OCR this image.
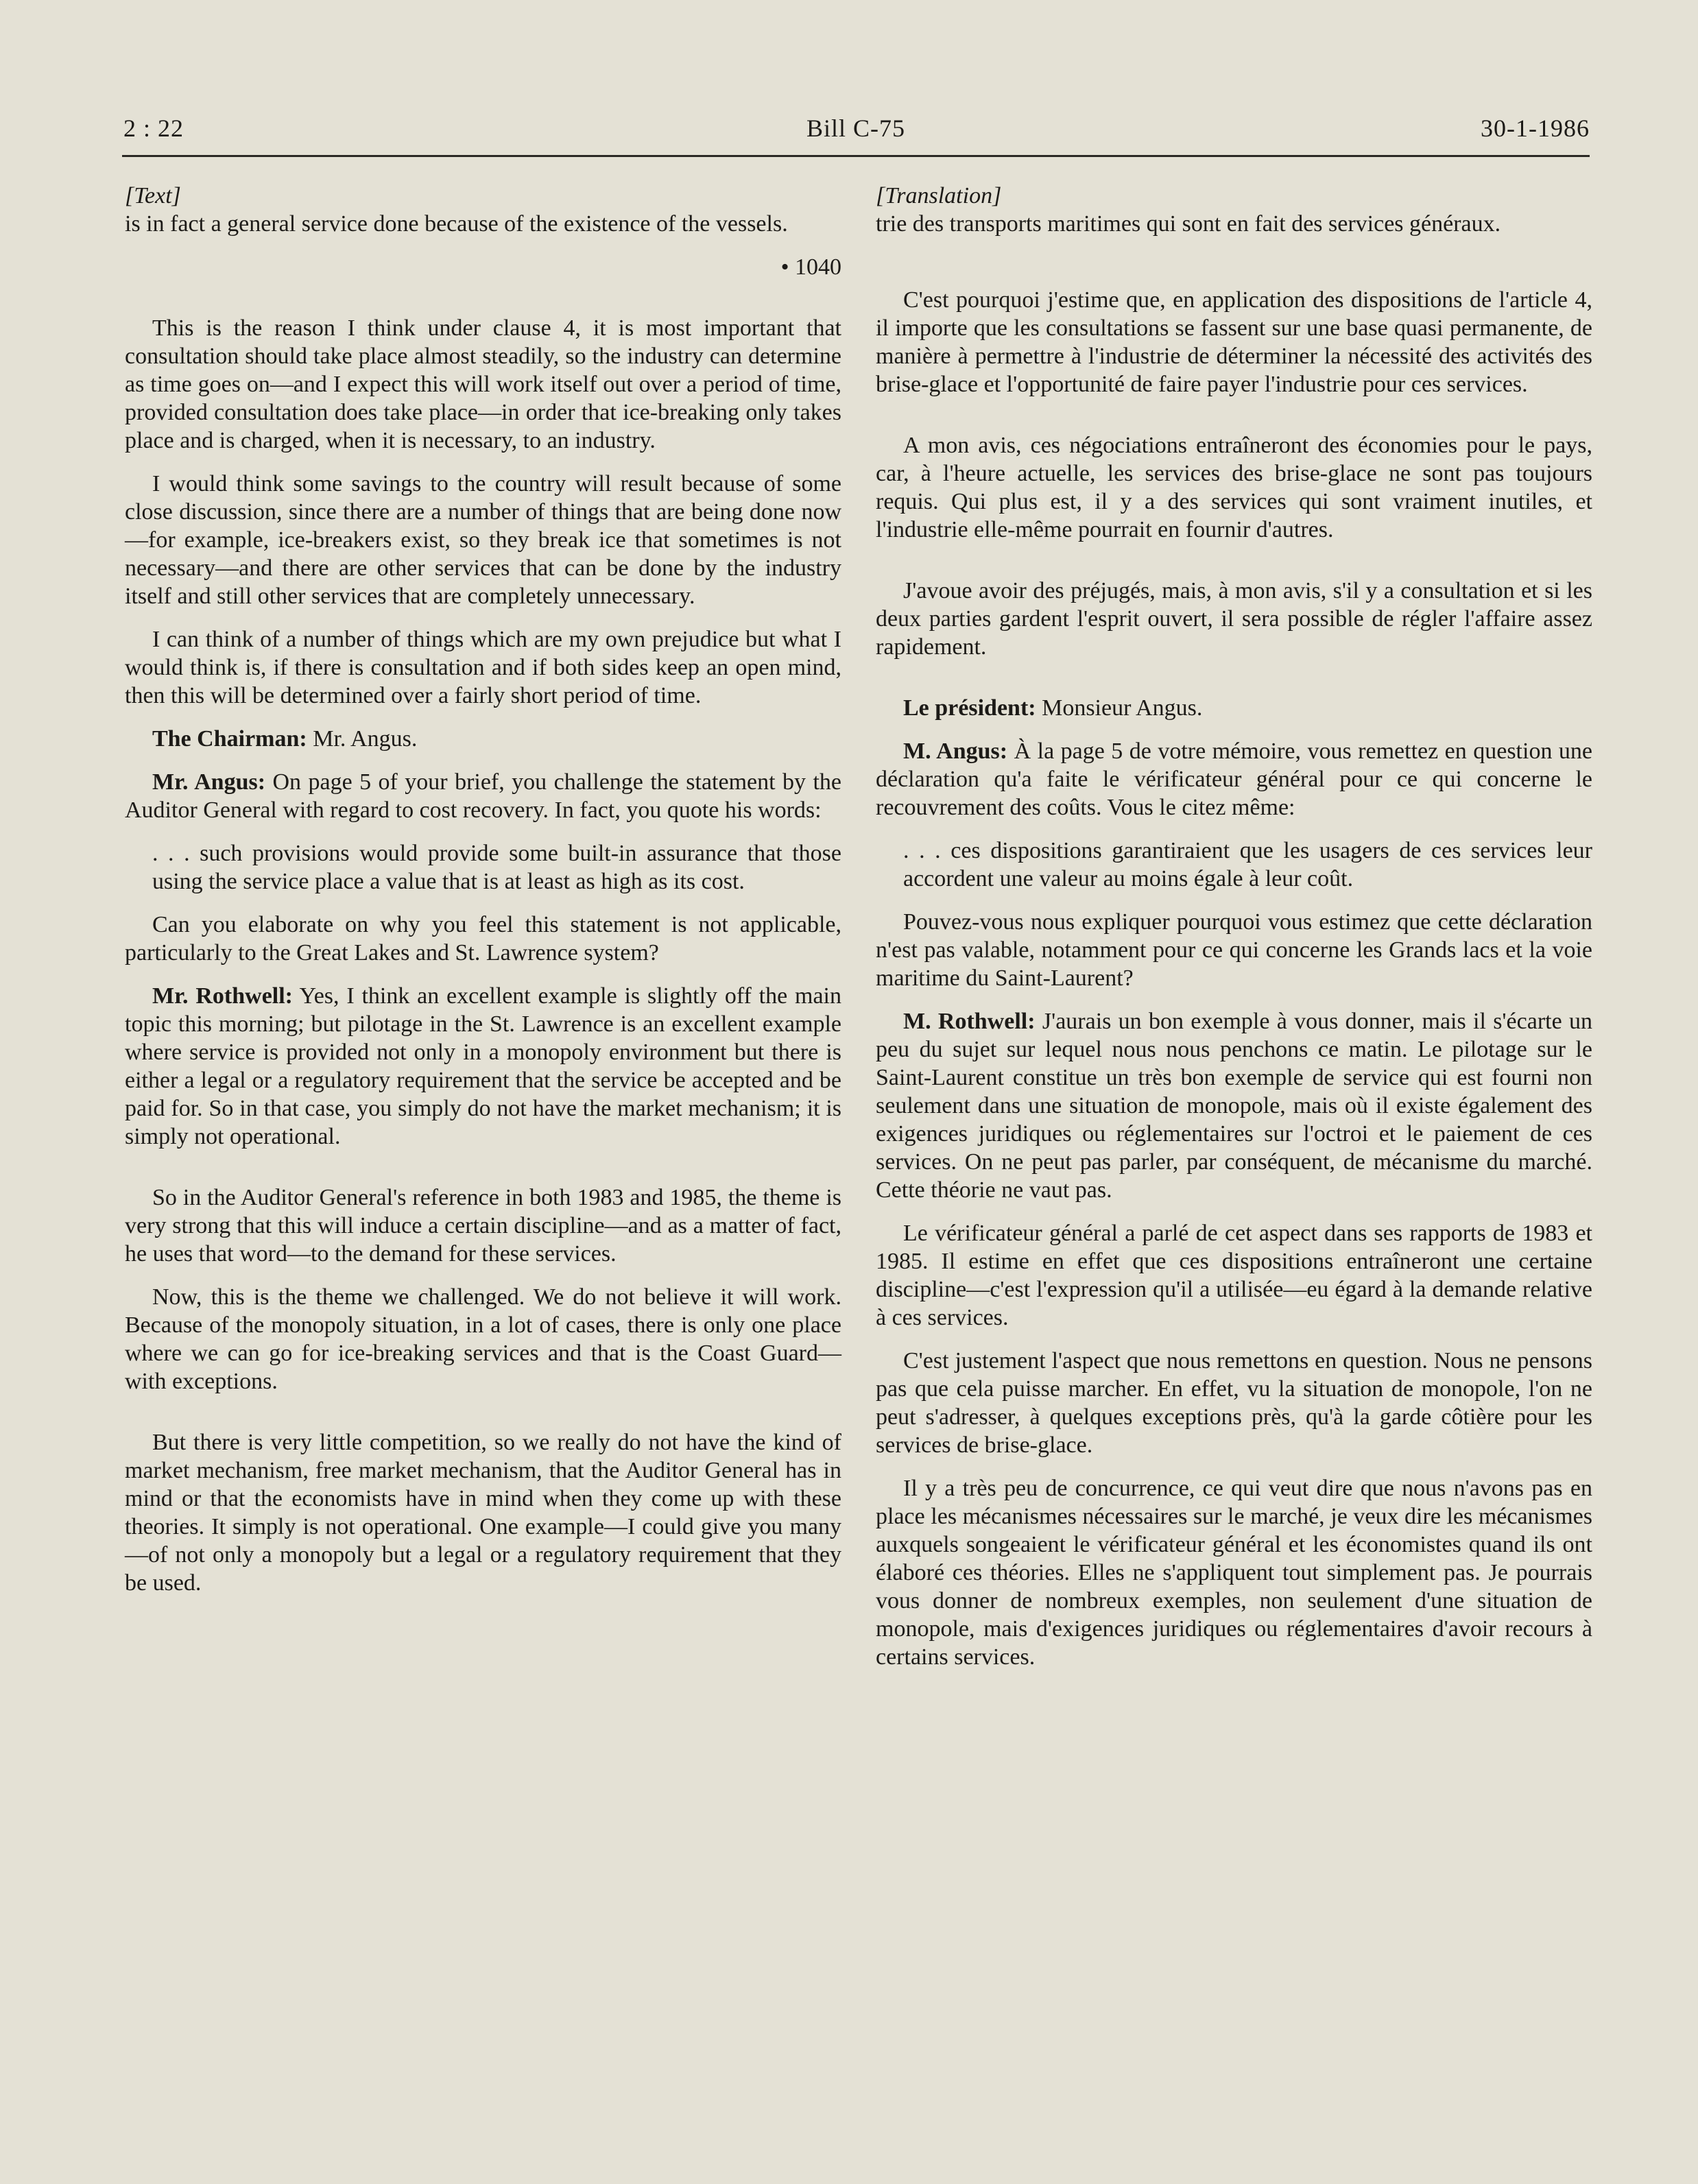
2 : 22	Bill C-75	30-1-1986

[Text]

is in fact a general service done because of the existence of the vessels.

• 1040

This is the reason I think under clause 4, it is most important that consultation should take place almost steadily, so the industry can determine as time goes on—and I expect this will work itself out over a period of time, provided consultation does take place—in order that ice-breaking only takes place and is charged, when it is necessary, to an industry.

I would think some savings to the country will result because of some close discussion, since there are a number of things that are being done now—for example, ice-breakers exist, so they break ice that sometimes is not necessary—and there are other services that can be done by the industry itself and still other services that are completely unnecessary.

I can think of a number of things which are my own prejudice but what I would think is, if there is consultation and if both sides keep an open mind, then this will be determined over a fairly short period of time.

The Chairman: Mr. Angus.

Mr. Angus: On page 5 of your brief, you challenge the statement by the Auditor General with regard to cost recovery. In fact, you quote his words:

. . . such provisions would provide some built-in assurance that those using the service place a value that is at least as high as its cost.

Can you elaborate on why you feel this statement is not applicable, particularly to the Great Lakes and St. Lawrence system?

Mr. Rothwell: Yes, I think an excellent example is slightly off the main topic this morning; but pilotage in the St. Lawrence is an excellent example where service is provided not only in a monopoly environment but there is either a legal or a regulatory requirement that the service be accepted and be paid for. So in that case, you simply do not have the market mechanism; it is simply not operational.

So in the Auditor General's reference in both 1983 and 1985, the theme is very strong that this will induce a certain discipline—and as a matter of fact, he uses that word—to the demand for these services.

Now, this is the theme we challenged. We do not believe it will work. Because of the monopoly situation, in a lot of cases, there is only one place where we can go for ice-breaking services and that is the Coast Guard—with exceptions.

But there is very little competition, so we really do not have the kind of market mechanism, free market mechanism, that the Auditor General has in mind or that the economists have in mind when they come up with these theories. It simply is not operational. One example—I could give you many—of not only a monopoly but a legal or a regulatory requirement that they be used.

[Translation]

trie des transports maritimes qui sont en fait des services généraux.

C'est pourquoi j'estime que, en application des dispositions de l'article 4, il importe que les consultations se fassent sur une base quasi permanente, de manière à permettre à l'industrie de déterminer la nécessité des activités des brise-glace et l'opportunité de faire payer l'industrie pour ces services.

A mon avis, ces négociations entraîneront des économies pour le pays, car, à l'heure actuelle, les services des brise-glace ne sont pas toujours requis. Qui plus est, il y a des services qui sont vraiment inutiles, et l'industrie elle-même pourrait en fournir d'autres.

J'avoue avoir des préjugés, mais, à mon avis, s'il y a consultation et si les deux parties gardent l'esprit ouvert, il sera possible de régler l'affaire assez rapidement.

Le président: Monsieur Angus.

M. Angus: À la page 5 de votre mémoire, vous remettez en question une déclaration qu'a faite le vérificateur général pour ce qui concerne le recouvrement des coûts. Vous le citez même:

. . . ces dispositions garantiraient que les usagers de ces services leur accordent une valeur au moins égale à leur coût.

Pouvez-vous nous expliquer pourquoi vous estimez que cette déclaration n'est pas valable, notamment pour ce qui concerne les Grands lacs et la voie maritime du Saint-Laurent?

M. Rothwell: J'aurais un bon exemple à vous donner, mais il s'écarte un peu du sujet sur lequel nous nous penchons ce matin. Le pilotage sur le Saint-Laurent constitue un très bon exemple de service qui est fourni non seulement dans une situation de monopole, mais où il existe également des exigences juridiques ou réglementaires sur l'octroi et le paiement de ces services. On ne peut pas parler, par conséquent, de mécanisme du marché. Cette théorie ne vaut pas.

Le vérificateur général a parlé de cet aspect dans ses rapports de 1983 et 1985. Il estime en effet que ces dispositions entraîneront une certaine discipline—c'est l'expression qu'il a utilisée—eu égard à la demande relative à ces services.

C'est justement l'aspect que nous remettons en question. Nous ne pensons pas que cela puisse marcher. En effet, vu la situation de monopole, l'on ne peut s'adresser, à quelques exceptions près, qu'à la garde côtière pour les services de brise-glace.

Il y a très peu de concurrence, ce qui veut dire que nous n'avons pas en place les mécanismes nécessaires sur le marché, je veux dire les mécanismes auxquels songeaient le vérificateur général et les économistes quand ils ont élaboré ces théories. Elles ne s'appliquent tout simplement pas. Je pourrais vous donner de nombreux exemples, non seulement d'une situation de monopole, mais d'exigences juridiques ou réglementaires d'avoir recours à certains services.
